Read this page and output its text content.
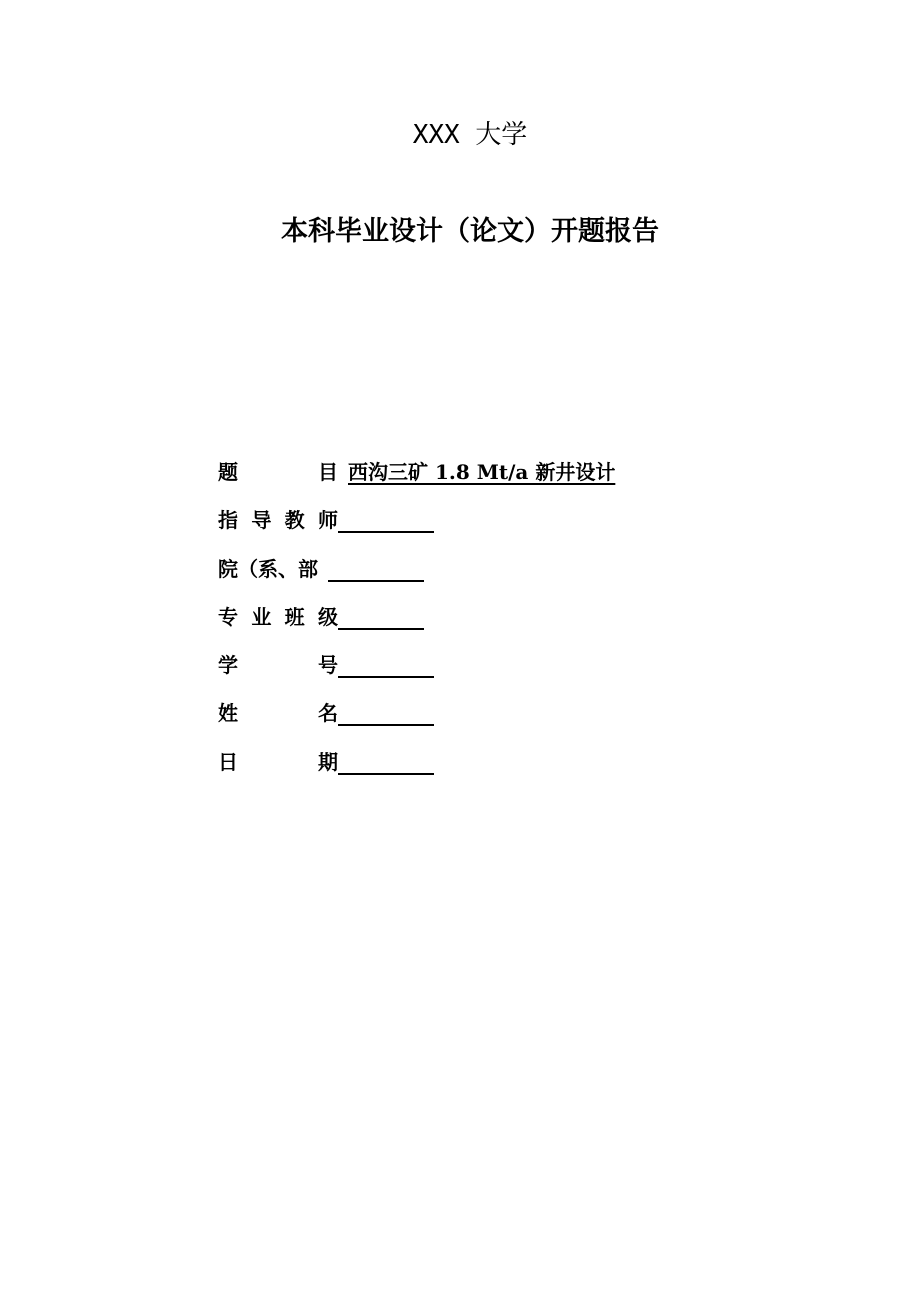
XXX 大学
本科毕业设计（论文）开题报告
题	目 西沟三矿 1.8 Mt/a 新井设计
指 导 教 师
院（系、部
专 业 班 级
学	号
姓	名
日	期
